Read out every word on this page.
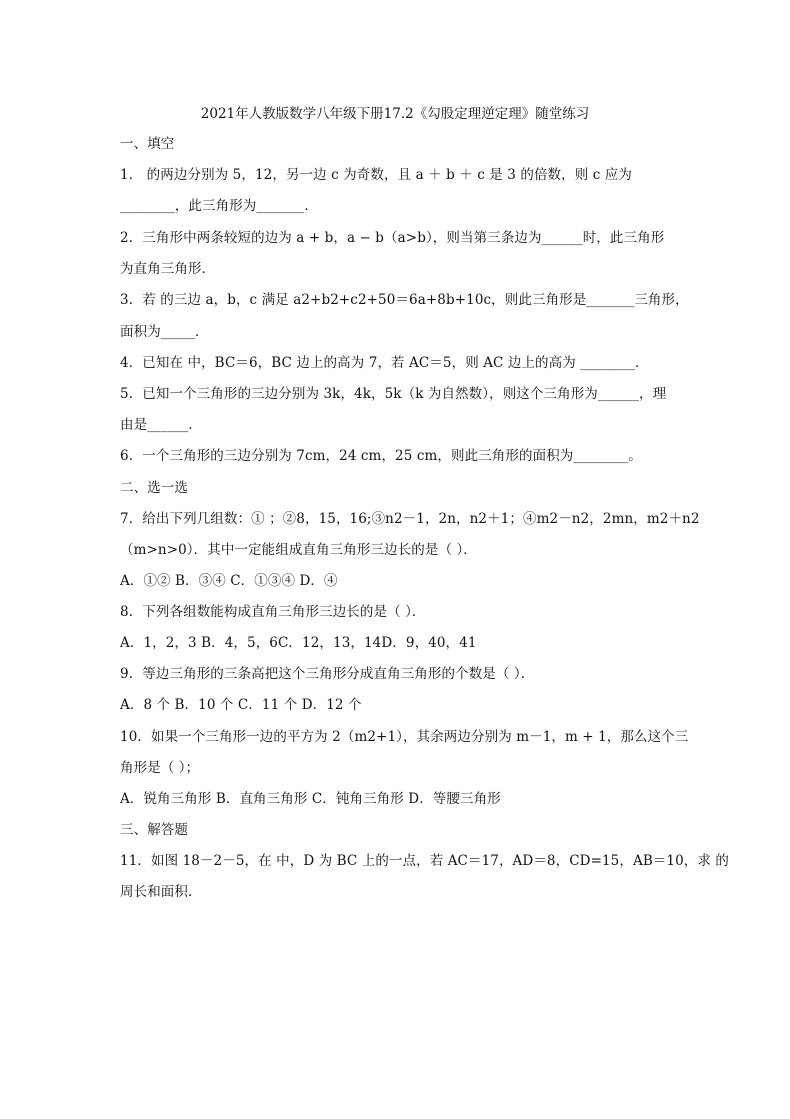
2021年人教版数学八年级下册17.2《勾股定理逆定理》随堂练习
一、填空
1． 的两边分别为 5，12，另一边 c 为奇数，且 a ＋ b ＋ c 是 3 的倍数，则 c 应为
________，此三角形为_______．
2．三角形中两条较短的边为 a + b，a − b（a>b），则当第三条边为______时，此三角形
为直角三角形．
3．若 的三边 a，b，c 满足 a2+b2+c2+50＝6a+8b+10c，则此三角形是_______三角形，
面积为_____．
4．已知在 中，BC＝6，BC 边上的高为 7，若 AC＝5，则 AC 边上的高为 ________．
5．已知一个三角形的三边分别为 3k，4k，5k（k 为自然数），则这个三角形为______，理
由是______．
6．一个三角形的三边分别为 7cm，24 cm，25 cm，则此三角形的面积为________。
二、选一选
7．给出下列几组数：① ；②8，15，16;③n2－1，2n，n2＋1；④m2－n2，2mn，m2＋n2
（m>n>0）．其中一定能组成直角三角形三边长的是（ ）．
A．①② B．③④ C．①③④ D．④
8．下列各组数能构成直角三角形三边长的是（ ）．
A．1，2，3 B．4，5，6C．12，13，14D．9，40，41
9．等边三角形的三条高把这个三角形分成直角三角形的个数是（ ）．
A．8 个 B．10 个 C．11 个 D．12 个
10．如果一个三角形一边的平方为 2（m2+1），其余两边分别为 m－1，m + 1，那么这个三
角形是（ ）；
A．锐角三角形 B．直角三角形 C．钝角三角形 D．等腰三角形
三、解答题
11．如图 18－2－5，在 中，D 为 BC 上的一点，若 AC＝17，AD＝8，CD=15，AB＝10，求 的
周长和面积．
